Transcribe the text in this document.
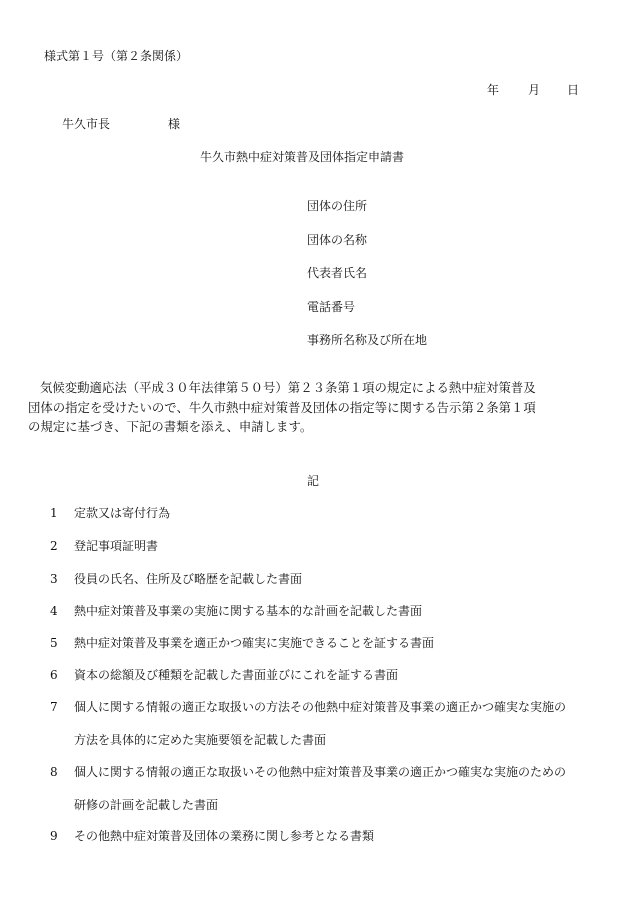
様式第１号（第２条関係）
年 月 日
牛久市長	様
牛久市熱中症対策普及団体指定申請書
団体の住所
団体の名称
代表者氏名
電話番号
事務所名称及び所在地
気候変動適応法（平成３０年法律第５０号）第２３条第１項の規定による熱中症対策普及
団体の指定を受けたいので、牛久市熱中症対策普及団体の指定等に関する告示第２条第１項
の規定に基づき、下記の書類を添え、申請します。
記
1 定款又は寄付行為
2 登記事項証明書
3 役員の氏名、住所及び略歴を記載した書面
4 熱中症対策普及事業の実施に関する基本的な計画を記載した書面
5 熱中症対策普及事業を適正かつ確実に実施できることを証する書面
6 資本の総額及び種類を記載した書面並びにこれを証する書面
7 個人に関する情報の適正な取扱いの方法その他熱中症対策普及事業の適正かつ確実な実施の
方法を具体的に定めた実施要領を記載した書面
8 個人に関する情報の適正な取扱いその他熱中症対策普及事業の適正かつ確実な実施のための
研修の計画を記載した書面
9 その他熱中症対策普及団体の業務に関し参考となる書類
